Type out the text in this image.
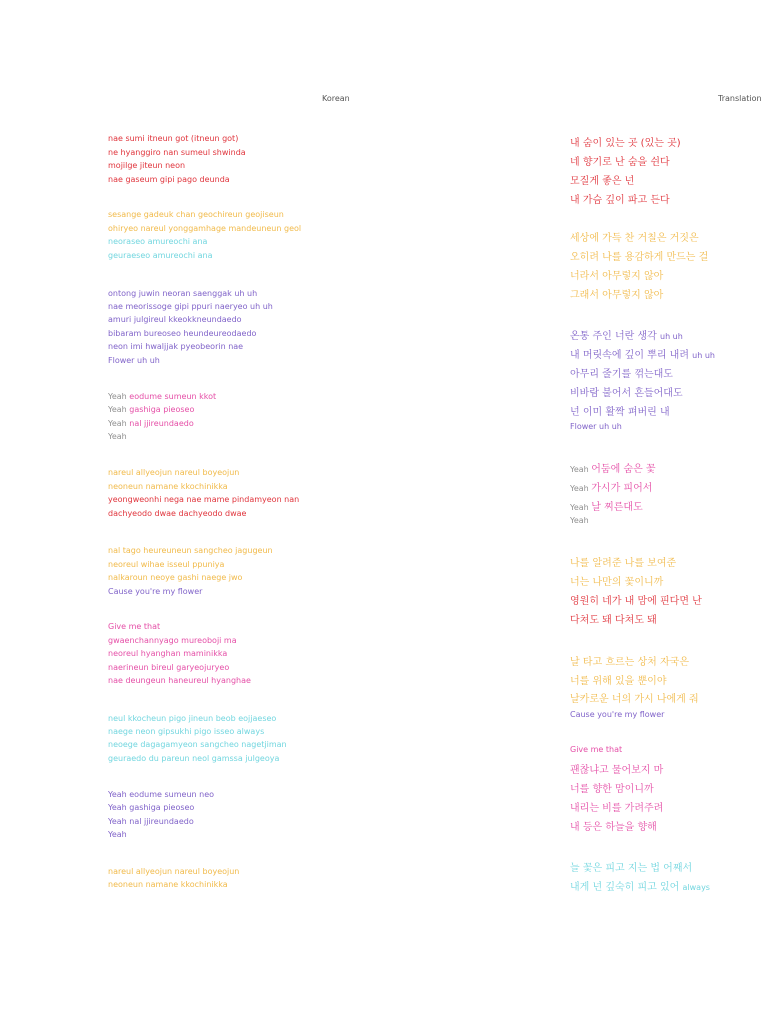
Korean	Translation
nae sumi itneun got (itneun got)
ne hyanggiro nan sumeul shwinda
mojilge jiteun neon
nae gaseum gipi pago deunda
sesange gadeuk chan geochireun geojiseun
ohiryeo nareul yonggamhage mandeuneun geol
neoraseo amureochi ana
geuraeseo amureochi ana
ontong juwin neoran saenggak uh uh
nae meorissoge gipi ppuri naeryeo uh uh
amuri julgireul kkeokkneundaedo
bibaram bureoseo heundeureodaedo
neon imi hwaljjak pyeobeorin nae
Flower uh uh
Yeah eodume sumeun kkot
Yeah gashiga pieoseo
Yeah nal jjireundaedo
Yeah
nareul allyeojun nareul boyeojun
neoneun namane kkochinikka
yeongweonhi nega nae mame pindamyeon nan
dachyeodo dwae dachyeodo dwae
nal tago heureuneun sangcheo jagugeun
neoreul wihae isseul ppuniya
nalkaroun neoye gashi naege jwo
Cause you're my flower
Give me that
gwaenchannyago mureoboji ma
neoreul hyanghan maminikka
naerineun bireul garyeojuryeo
nae deungeun haneureul hyanghae
neul kkocheun pigo jineun beob eojjaeseo
naege neon gipsukhi pigo isseo always
neoege dagagamyeon sangcheo nagetjiman
geuraedo du pareun neol gamssa julgeoya
Yeah eodume sumeun neo
Yeah gashiga pieoseo
Yeah nal jjireundaedo
Yeah
nareul allyeojun nareul boyeojun
neoneun namane kkochinikka
내 숨이 있는 곳 (있는 곳)
네 향기로 난 숨을 쉰다
모질게 좋은 넌
내 가슴 깊이 파고 든다
세상에 가득 찬 거칠은 거짓은
오히려 나를 용감하게 만드는 걸
너라서 아무렇지 않아
그래서 아무렇지 않아
온통 주인 너란 생각 uh uh
내 머릿속에 깊이 뿌리 내려 uh uh
아무리 줄기를 꺾는대도
비바람 불어서 흔들어대도
넌 이미 활짝 펴버린 내
Flower uh uh
Yeah 어둠에 숨은 꽃
Yeah 가시가 피어서
Yeah 날 찌른대도
Yeah
나를 알려준 나를 보여준
너는 나만의 꽃이니까
영원히 네가 내 맘에 핀다면 난
다쳐도 돼 다쳐도 돼
날 타고 흐르는 상처 자국은
너를 위해 있을 뿐이야
날카로운 너의 가시 나에게 줘
Cause you're my flower
Give me that
괜찮냐고 물어보지 마
너를 향한 맘이니까
내리는 비를 가려주려
내 등은 하늘을 향해
늘 꽃은 피고 지는 법 어째서
내게 넌 깊숙히 피고 있어 always
